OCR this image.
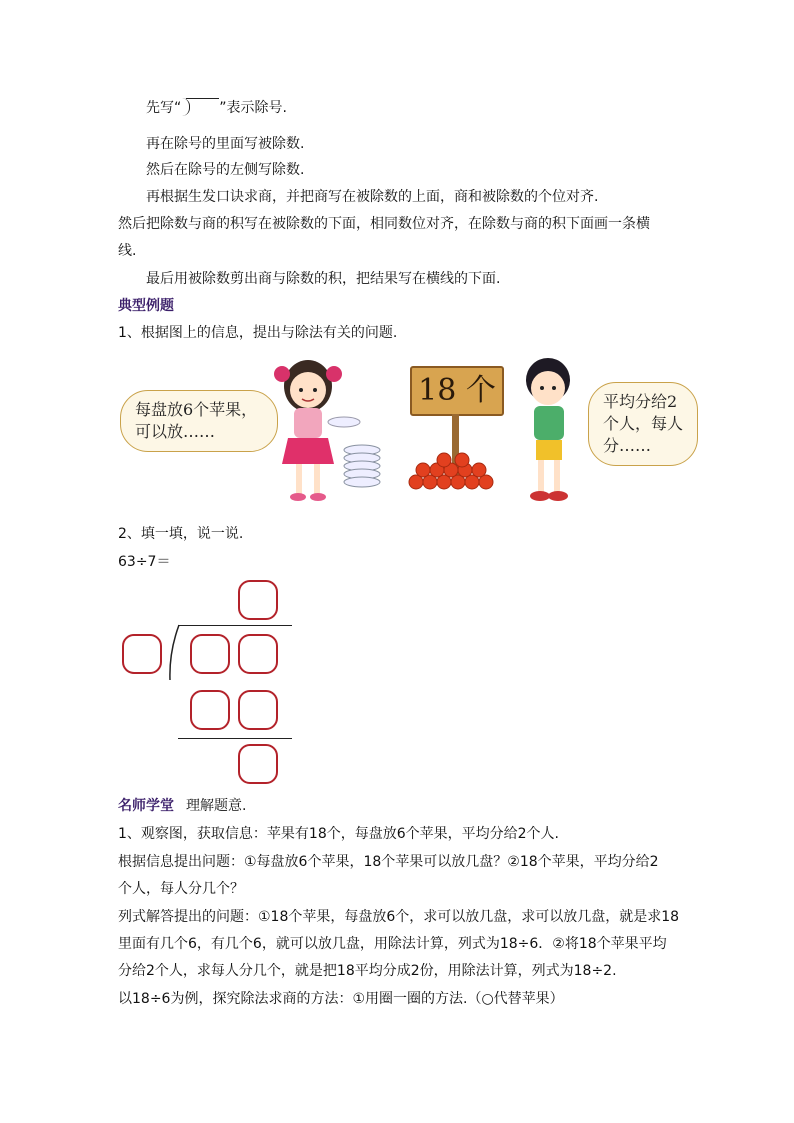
先写“	”表示除号.
再在除号的里面写被除数.
然后在除号的左侧写除数.
再根据生发口诀求商，并把商写在被除数的上面，商和被除数的个位对齐.
然后把除数与商的积写在被除数的下面，相同数位对齐，在除数与商的积下面画一条横
线.
最后用被除数剪出商与除数的积，把结果写在横线的下面.
典型例题
1、根据图上的信息，提出与除法有关的问题.
每盘放6个苹果，
可以放……
18 个	平均分给2
个人，每人
分……
2、填一填，说一说.
63÷7＝
名师学堂 理解题意.
1、观察图，获取信息：苹果有18个，每盘放6个苹果，平均分给2个人.
根据信息提出问题：①每盘放6个苹果，18个苹果可以放几盘？②18个苹果，平均分给2
个人，每人分几个？
列式解答提出的问题：①18个苹果，每盘放6个，求可以放几盘，求可以放几盘，就是求18
里面有几个6，有几个6，就可以放几盘，用除法计算，列式为18÷6．②将18个苹果平均
分给2个人，求每人分几个，就是把18平均分成2份，用除法计算，列式为18÷2.
以18÷6为例，探究除法求商的方法：①用圈一圈的方法.（○代替苹果）
